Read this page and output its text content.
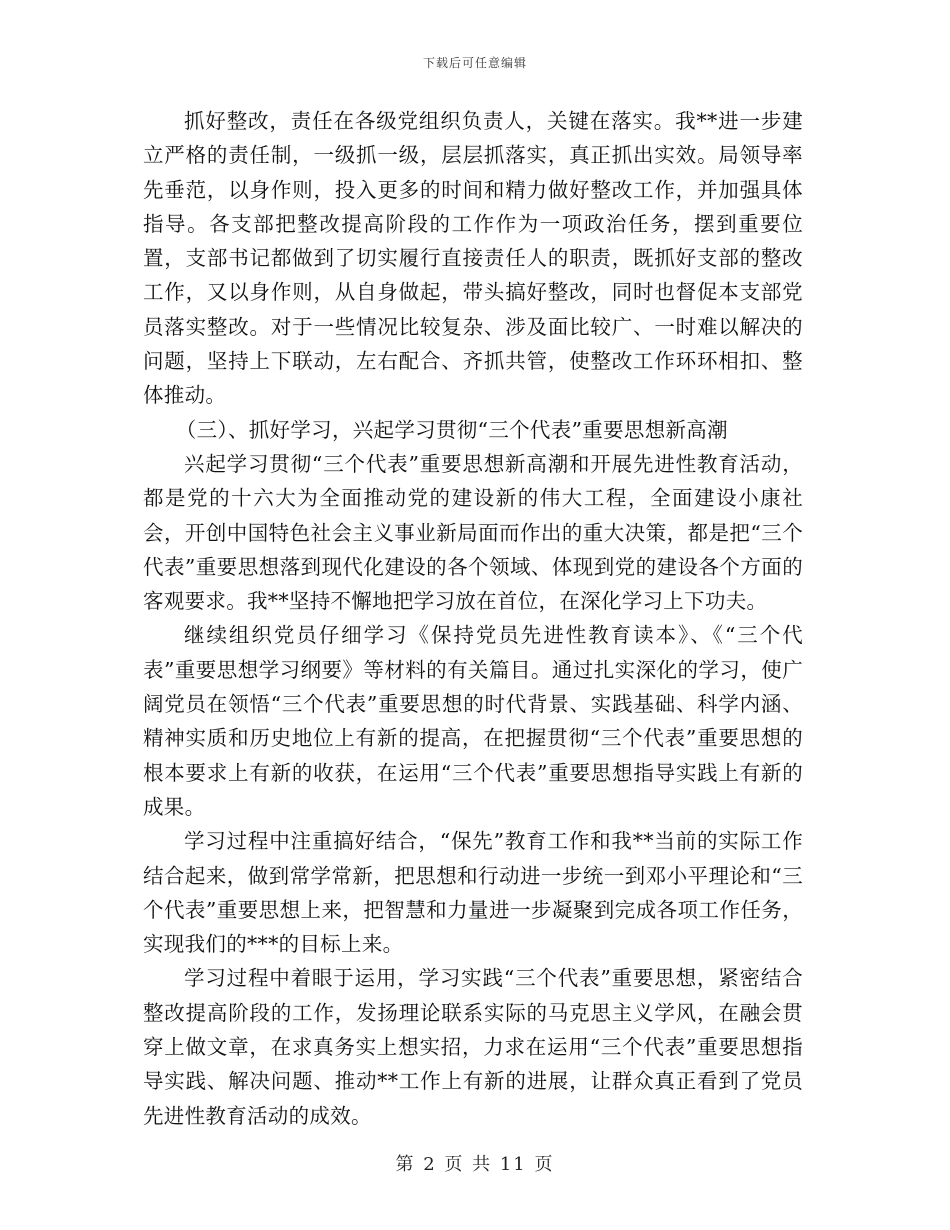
下载后可任意编辑

抓好整改，责任在各级党组织负责人，关键在落实。我**进一步建立严格的责任制，一级抓一级，层层抓落实，真正抓出实效。局领导率先垂范，以身作则，投入更多的时间和精力做好整改工作，并加强具体指导。各支部把整改提高阶段的工作作为一项政治任务，摆到重要位置，支部书记都做到了切实履行直接责任人的职责，既抓好支部的整改工作，又以身作则，从自身做起，带头搞好整改，同时也督促本支部党员落实整改。对于一些情况比较复杂、涉及面比较广、一时难以解决的问题，坚持上下联动，左右配合、齐抓共管，使整改工作环环相扣、整体推动。

（三）、抓好学习，兴起学习贯彻“三个代表”重要思想新高潮

兴起学习贯彻“三个代表”重要思想新高潮和开展先进性教育活动，都是党的十六大为全面推动党的建设新的伟大工程，全面建设小康社会，开创中国特色社会主义事业新局面而作出的重大决策，都是把“三个代表”重要思想落到现代化建设的各个领域、体现到党的建设各个方面的客观要求。我**坚持不懈地把学习放在首位，在深化学习上下功夫。

继续组织党员仔细学习《保持党员先进性教育读本》、《“三个代表”重要思想学习纲要》等材料的有关篇目。通过扎实深化的学习，使广阔党员在领悟“三个代表”重要思想的时代背景、实践基础、科学内涵、精神实质和历史地位上有新的提高，在把握贯彻“三个代表”重要思想的根本要求上有新的收获，在运用“三个代表”重要思想指导实践上有新的成果。

学习过程中注重搞好结合，“保先”教育工作和我**当前的实际工作结合起来，做到常学常新，把思想和行动进一步统一到邓小平理论和“三个代表”重要思想上来，把智慧和力量进一步凝聚到完成各项工作任务，实现我们的***的目标上来。

学习过程中着眼于运用，学习实践“三个代表”重要思想，紧密结合整改提高阶段的工作，发扬理论联系实际的马克思主义学风，在融会贯穿上做文章，在求真务实上想实招，力求在运用“三个代表”重要思想指导实践、解决问题、推动**工作上有新的进展，让群众真正看到了党员先进性教育活动的成效。

第 2 页 共 11 页
